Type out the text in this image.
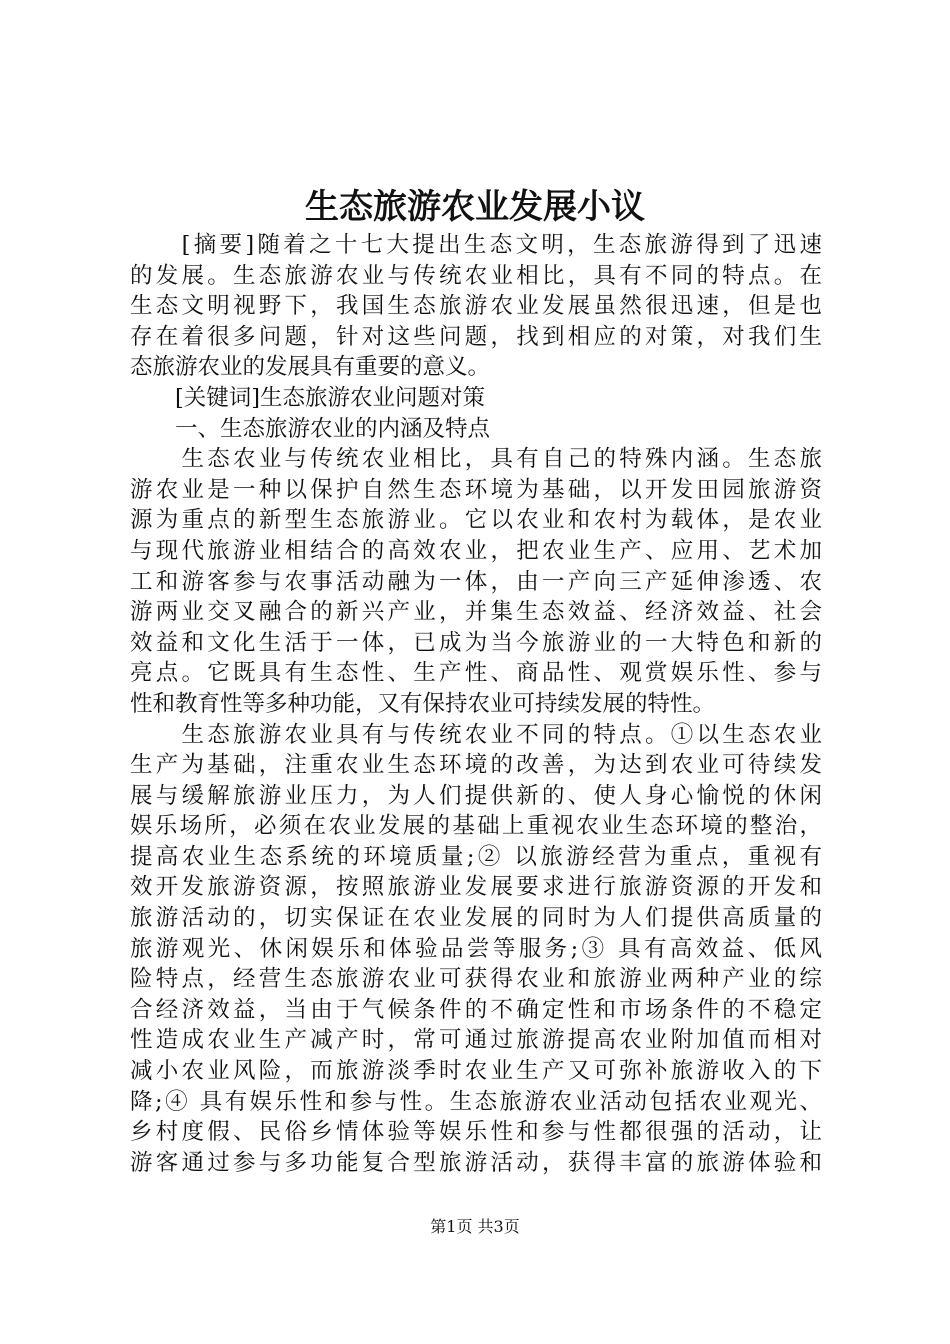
生态旅游农业发展小议
　　[摘要]随着之十七大提出生态文明，生态旅游得到了迅速
的发展。生态旅游农业与传统农业相比，具有不同的特点。在
生态文明视野下，我国生态旅游农业发展虽然很迅速，但是也
存在着很多问题，针对这些问题，找到相应的对策，对我们生
态旅游农业的发展具有重要的意义。
　　[关键词]生态旅游农业问题对策
　　一、生态旅游农业的内涵及特点
　　生态农业与传统农业相比，具有自己的特殊内涵。生态旅
游农业是一种以保护自然生态环境为基础，以开发田园旅游资
源为重点的新型生态旅游业。它以农业和农村为载体，是农业
与现代旅游业相结合的高效农业，把农业生产、应用、艺术加
工和游客参与农事活动融为一体，由一产向三产延伸渗透、农
游两业交叉融合的新兴产业，并集生态效益、经济效益、社会
效益和文化生活于一体，已成为当今旅游业的一大特色和新的
亮点。它既具有生态性、生产性、商品性、观赏娱乐性、参与
性和教育性等多种功能，又有保持农业可持续发展的特性。
　　生态旅游农业具有与传统农业不同的特点。①以生态农业
生产为基础，注重农业生态环境的改善，为达到农业可待续发
展与缓解旅游业压力，为人们提供新的、使人身心愉悦的休闲
娱乐场所，必须在农业发展的基础上重视农业生态环境的整治，
提高农业生态系统的环境质量;② 以旅游经营为重点，重视有
效开发旅游资源，按照旅游业发展要求进行旅游资源的开发和
旅游活动的，切实保证在农业发展的同时为人们提供高质量的
旅游观光、休闲娱乐和体验品尝等服务;③ 具有高效益、低风
险特点，经营生态旅游农业可获得农业和旅游业两种产业的综
合经济效益，当由于气候条件的不确定性和市场条件的不稳定
性造成农业生产减产时，常可通过旅游提高农业附加值而相对
减小农业风险，而旅游淡季时农业生产又可弥补旅游收入的下
降;④ 具有娱乐性和参与性。生态旅游农业活动包括农业观光、
乡村度假、民俗乡情体验等娱乐性和参与性都很强的活动，让
游客通过参与多功能复合型旅游活动，获得丰富的旅游体验和
第1页 共3页
